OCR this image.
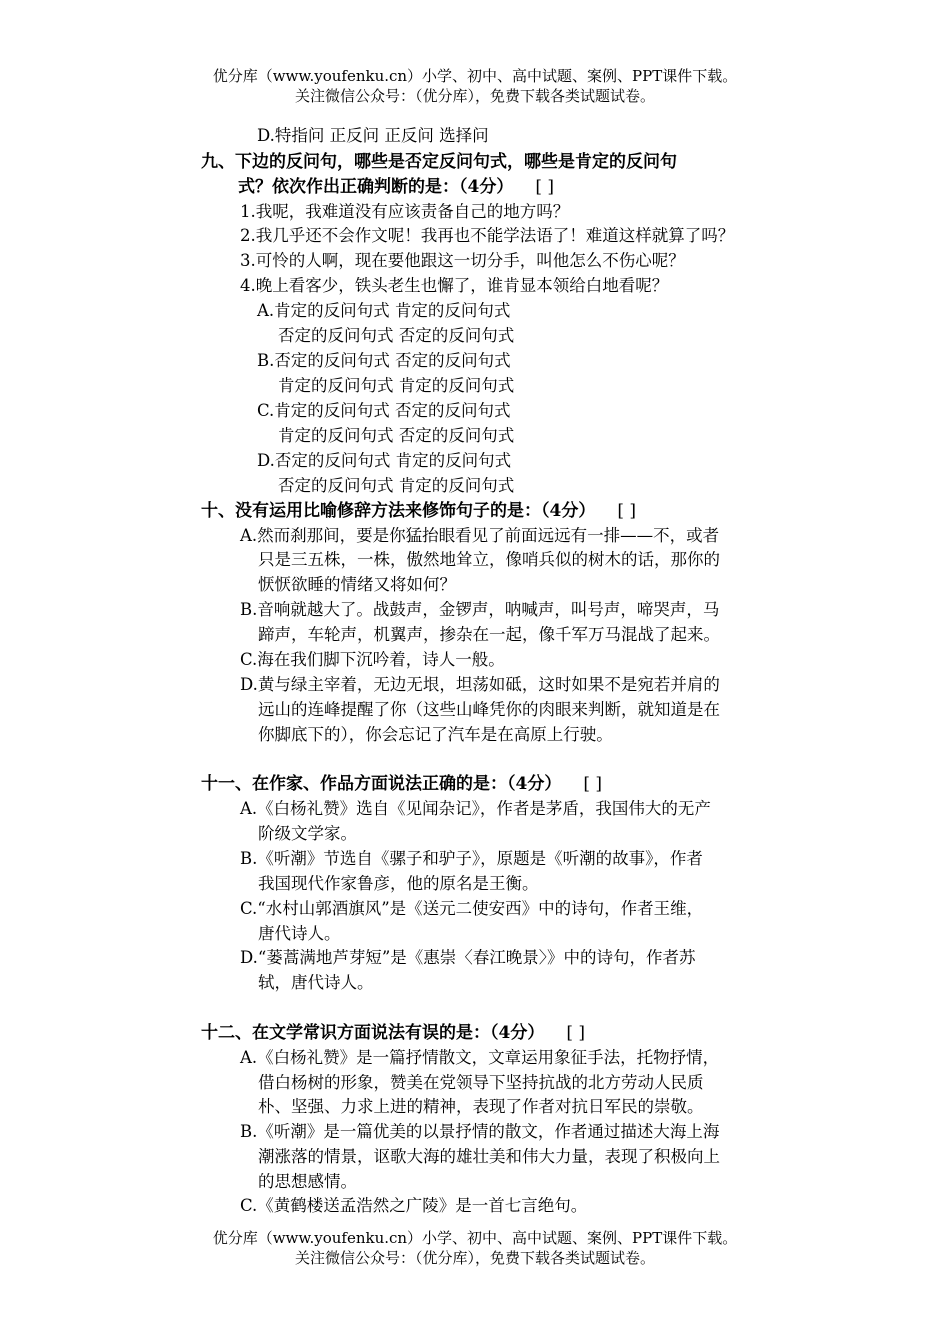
优分库（www.youfenku.cn）小学、初中、高中试题、案例、PPT课件下载。
关注微信公众号：（优分库），免费下载各类试题试卷。
D.特指问 正反问 正反问 选择问
九、下边的反问句，哪些是否定反问句式，哪些是肯定的反问句
式？依次作出正确判断的是：（4分） [ ]
1.我呢，我难道没有应该责备自己的地方吗？
2.我几乎还不会作文呢！我再也不能学法语了！难道这样就算了吗？
3.可怜的人啊，现在要他跟这一切分手，叫他怎么不伤心呢？
4.晚上看客少，铁头老生也懈了，谁肯显本领给白地看呢？
A.肯定的反问句式 肯定的反问句式
否定的反问句式 否定的反问句式
B.否定的反问句式 否定的反问句式
肯定的反问句式 肯定的反问句式
C.肯定的反问句式 否定的反问句式
肯定的反问句式 否定的反问句式
D.否定的反问句式 肯定的反问句式
否定的反问句式 肯定的反问句式
十、没有运用比喻修辞方法来修饰句子的是：（4分） [ ]
A.然而刹那间，要是你猛抬眼看见了前面远远有一排——不，或者
只是三五株，一株，傲然地耸立，像哨兵似的树木的话，那你的
恹恹欲睡的情绪又将如何？
B.音响就越大了。战鼓声，金锣声，呐喊声，叫号声，啼哭声，马
蹄声，车轮声，机翼声，掺杂在一起，像千军万马混战了起来。
C.海在我们脚下沉吟着，诗人一般。
D.黄与绿主宰着，无边无垠，坦荡如砥，这时如果不是宛若并肩的
远山的连峰提醒了你（这些山峰凭你的肉眼来判断，就知道是在
你脚底下的），你会忘记了汽车是在高原上行驶。
十一、在作家、作品方面说法正确的是：（4分） [ ]
A.《白杨礼赞》选自《见闻杂记》，作者是茅盾，我国伟大的无产
阶级文学家。
B.《听潮》节选自《骡子和驴子》，原题是《听潮的故事》，作者
我国现代作家鲁彦，他的原名是王衡。
C.“水村山郭酒旗风”是《送元二使安西》中的诗句，作者王维，
唐代诗人。
D.“蒌蒿满地芦芽短”是《惠崇〈春江晚景〉》中的诗句，作者苏
轼，唐代诗人。
十二、在文学常识方面说法有误的是：（4分） [ ]
A.《白杨礼赞》是一篇抒情散文，文章运用象征手法，托物抒情，
借白杨树的形象，赞美在党领导下坚持抗战的北方劳动人民质
朴、坚强、力求上进的精神，表现了作者对抗日军民的崇敬。
B.《听潮》是一篇优美的以景抒情的散文，作者通过描述大海上海
潮涨落的情景，讴歌大海的雄壮美和伟大力量，表现了积极向上
的思想感情。
C.《黄鹤楼送孟浩然之广陵》是一首七言绝句。
优分库（www.youfenku.cn）小学、初中、高中试题、案例、PPT课件下载。
关注微信公众号：（优分库），免费下载各类试题试卷。
